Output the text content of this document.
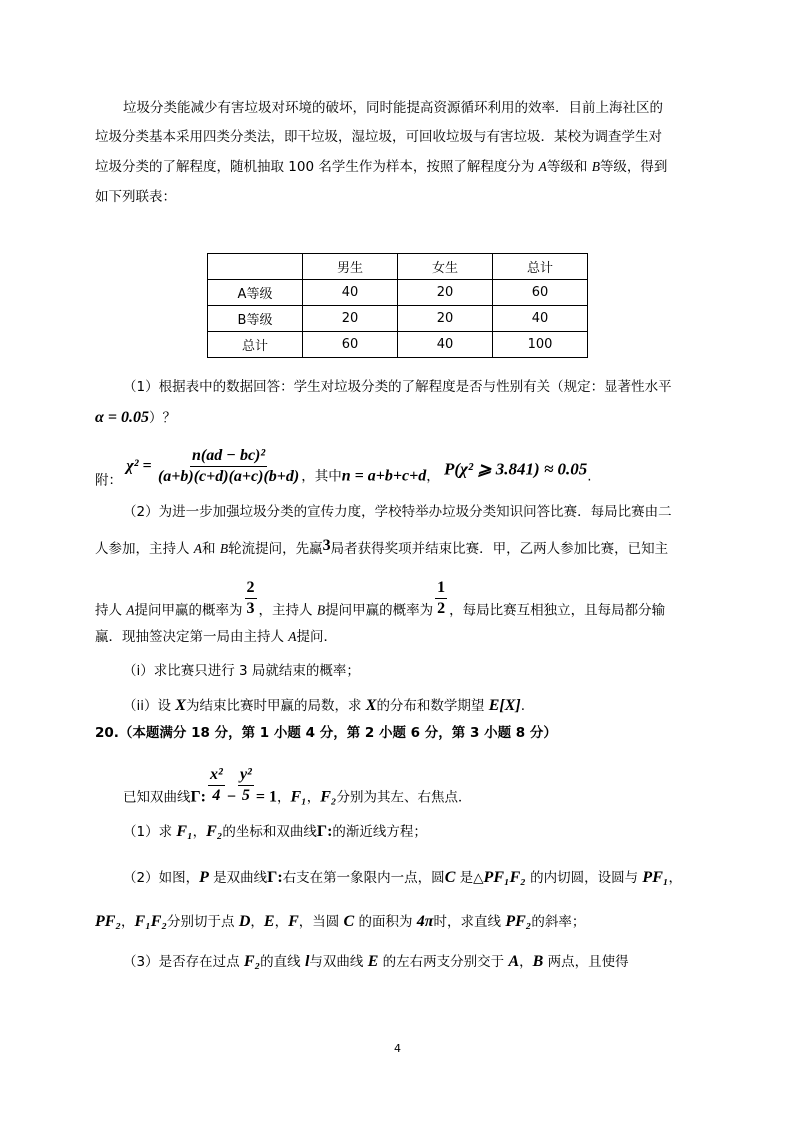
垃圾分类能减少有害垃圾对环境的破坏，同时能提高资源循环利用的效率．目前上海社区的
垃圾分类基本采用四类分类法，即干垃圾，湿垃圾，可回收垃圾与有害垃圾．某校为调查学生对
垃圾分类的了解程度，随机抽取 100 名学生作为样本，按照了解程度分为 A等级和 B等级，得到
如下列联表：
	男生	女生	总计
A等级	40	20	60
B等级	20	20	40
总计	60	40	100
（1）根据表中的数据回答：学生对垃圾分类的了解程度是否与性别有关（规定：显著性水平
α = 0.05）？
附： $\chi^2 = \frac{\text{n(ad − bc)²}}{(a+b)(c+d)(a+c)(b+d)}$ ，其中n = a+b+c+d， P(χ² ⩾ 3.841) ≈ 0.05.
（2）为进一步加强垃圾分类的宣传力度，学校特举办垃圾分类知识问答比赛．每局比赛由二
人参加，主持人 A和 B轮流提问，先赢3局者获得奖项并结束比赛．甲，乙两人参加比赛，已知主
持人 A提问甲赢的概率为 $\frac{2}{3}$ ，主持人 B提问甲赢的概率为 $\frac{1}{2}$ ，每局比赛互相独立，且每局都分输
赢．现抽签决定第一局由主持人 A提问．
（i）求比赛只进行 3 局就结束的概率；
（ii）设 X为结束比赛时甲赢的局数，求 X的分布和数学期望 E[X].
20.（本题满分 18 分，第 1 小题 4 分，第 2 小题 6 分，第 3 小题 8 分）
已知双曲线Γ: $\frac{\text{x²}}{4} - \frac{\text{y²}}{5} = 1$，F₁，F₂分别为其左、右焦点．
（1）求 F₁，F₂的坐标和双曲线Γ:的渐近线方程；
（2）如图，P 是双曲线Γ:右支在第一象限内一点，圆C 是△PF₁F₂ 的内切圆，设圆与 PF₁，
PF₂，F₁F₂分别切于点 D，E，F，当圆 C 的面积为 4π时，求直线 PF₂的斜率；
（3）是否存在过点 F₂的直线 l与双曲线 E 的左右两支分别交于 A，B 两点，且使得
4
